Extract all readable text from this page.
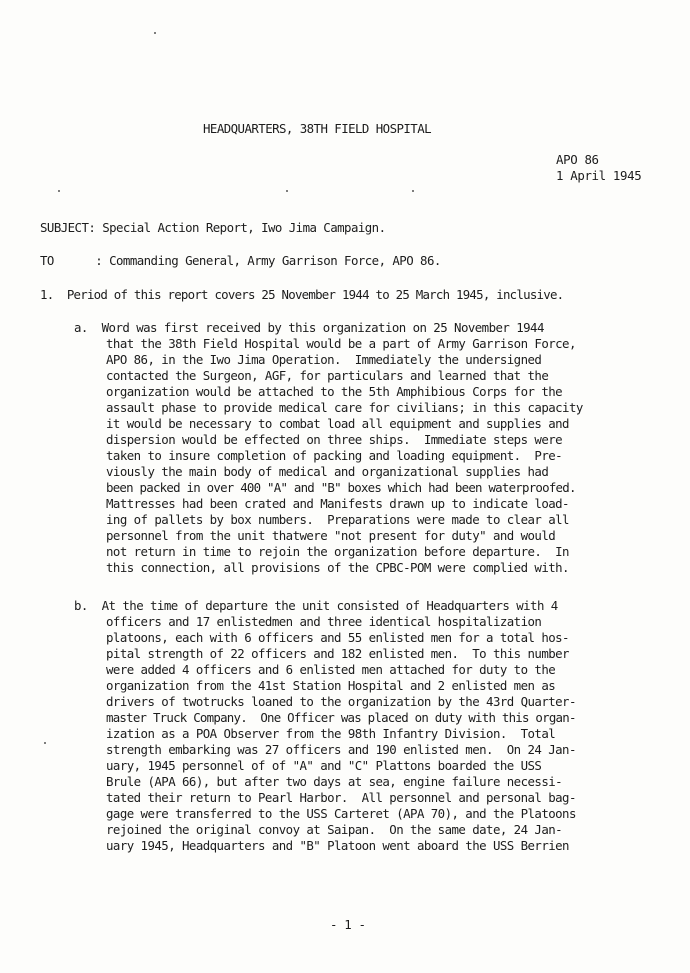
HEADQUARTERS, 38TH FIELD HOSPITAL
APO 86
1 April 1945
SUBJECT: Special Action Report, Iwo Jima Campaign.
TO      : Commanding General, Army Garrison Force, APO 86.
1.  Period of this report covers 25 November 1944 to 25 March 1945, inclusive.
a.  Word was first received by this organization on 25 November 1944
that the 38th Field Hospital would be a part of Army Garrison Force,
APO 86, in the Iwo Jima Operation.  Immediately the undersigned
contacted the Surgeon, AGF, for particulars and learned that the
organization would be attached to the 5th Amphibious Corps for the
assault phase to provide medical care for civilians; in this capacity
it would be necessary to combat load all equipment and supplies and
dispersion would be effected on three ships.  Immediate steps were
taken to insure completion of packing and loading equipment.  Pre-
viously the main body of medical and organizational supplies had
been packed in over 400 "A" and "B" boxes which had been waterproofed.
Mattresses had been crated and Manifests drawn up to indicate load-
ing of pallets by box numbers.  Preparations were made to clear all
personnel from the unit thatwere "not present for duty" and would
not return in time to rejoin the organization before departure.  In
this connection, all provisions of the CPBC-POM were complied with.
b.  At the time of departure the unit consisted of Headquarters with 4
officers and 17 enlistedmen and three identical hospitalization
platoons, each with 6 officers and 55 enlisted men for a total hos-
pital strength of 22 officers and 182 enlisted men.  To this number
were added 4 officers and 6 enlisted men attached for duty to the
organization from the 41st Station Hospital and 2 enlisted men as
drivers of twotrucks loaned to the organization by the 43rd Quarter-
master Truck Company.  One Officer was placed on duty with this organ-
ization as a POA Observer from the 98th Infantry Division.  Total
strength embarking was 27 officers and 190 enlisted men.  On 24 Jan-
uary, 1945 personnel of of "A" and "C" Plattons boarded the USS
Brule (APA 66), but after two days at sea, engine failure necessi-
tated their return to Pearl Harbor.  All personnel and personal bag-
gage were transferred to the USS Carteret (APA 70), and the Platoons
rejoined the original convoy at Saipan.  On the same date, 24 Jan-
uary 1945, Headquarters and "B" Platoon went aboard the USS Berrien
- 1 -
